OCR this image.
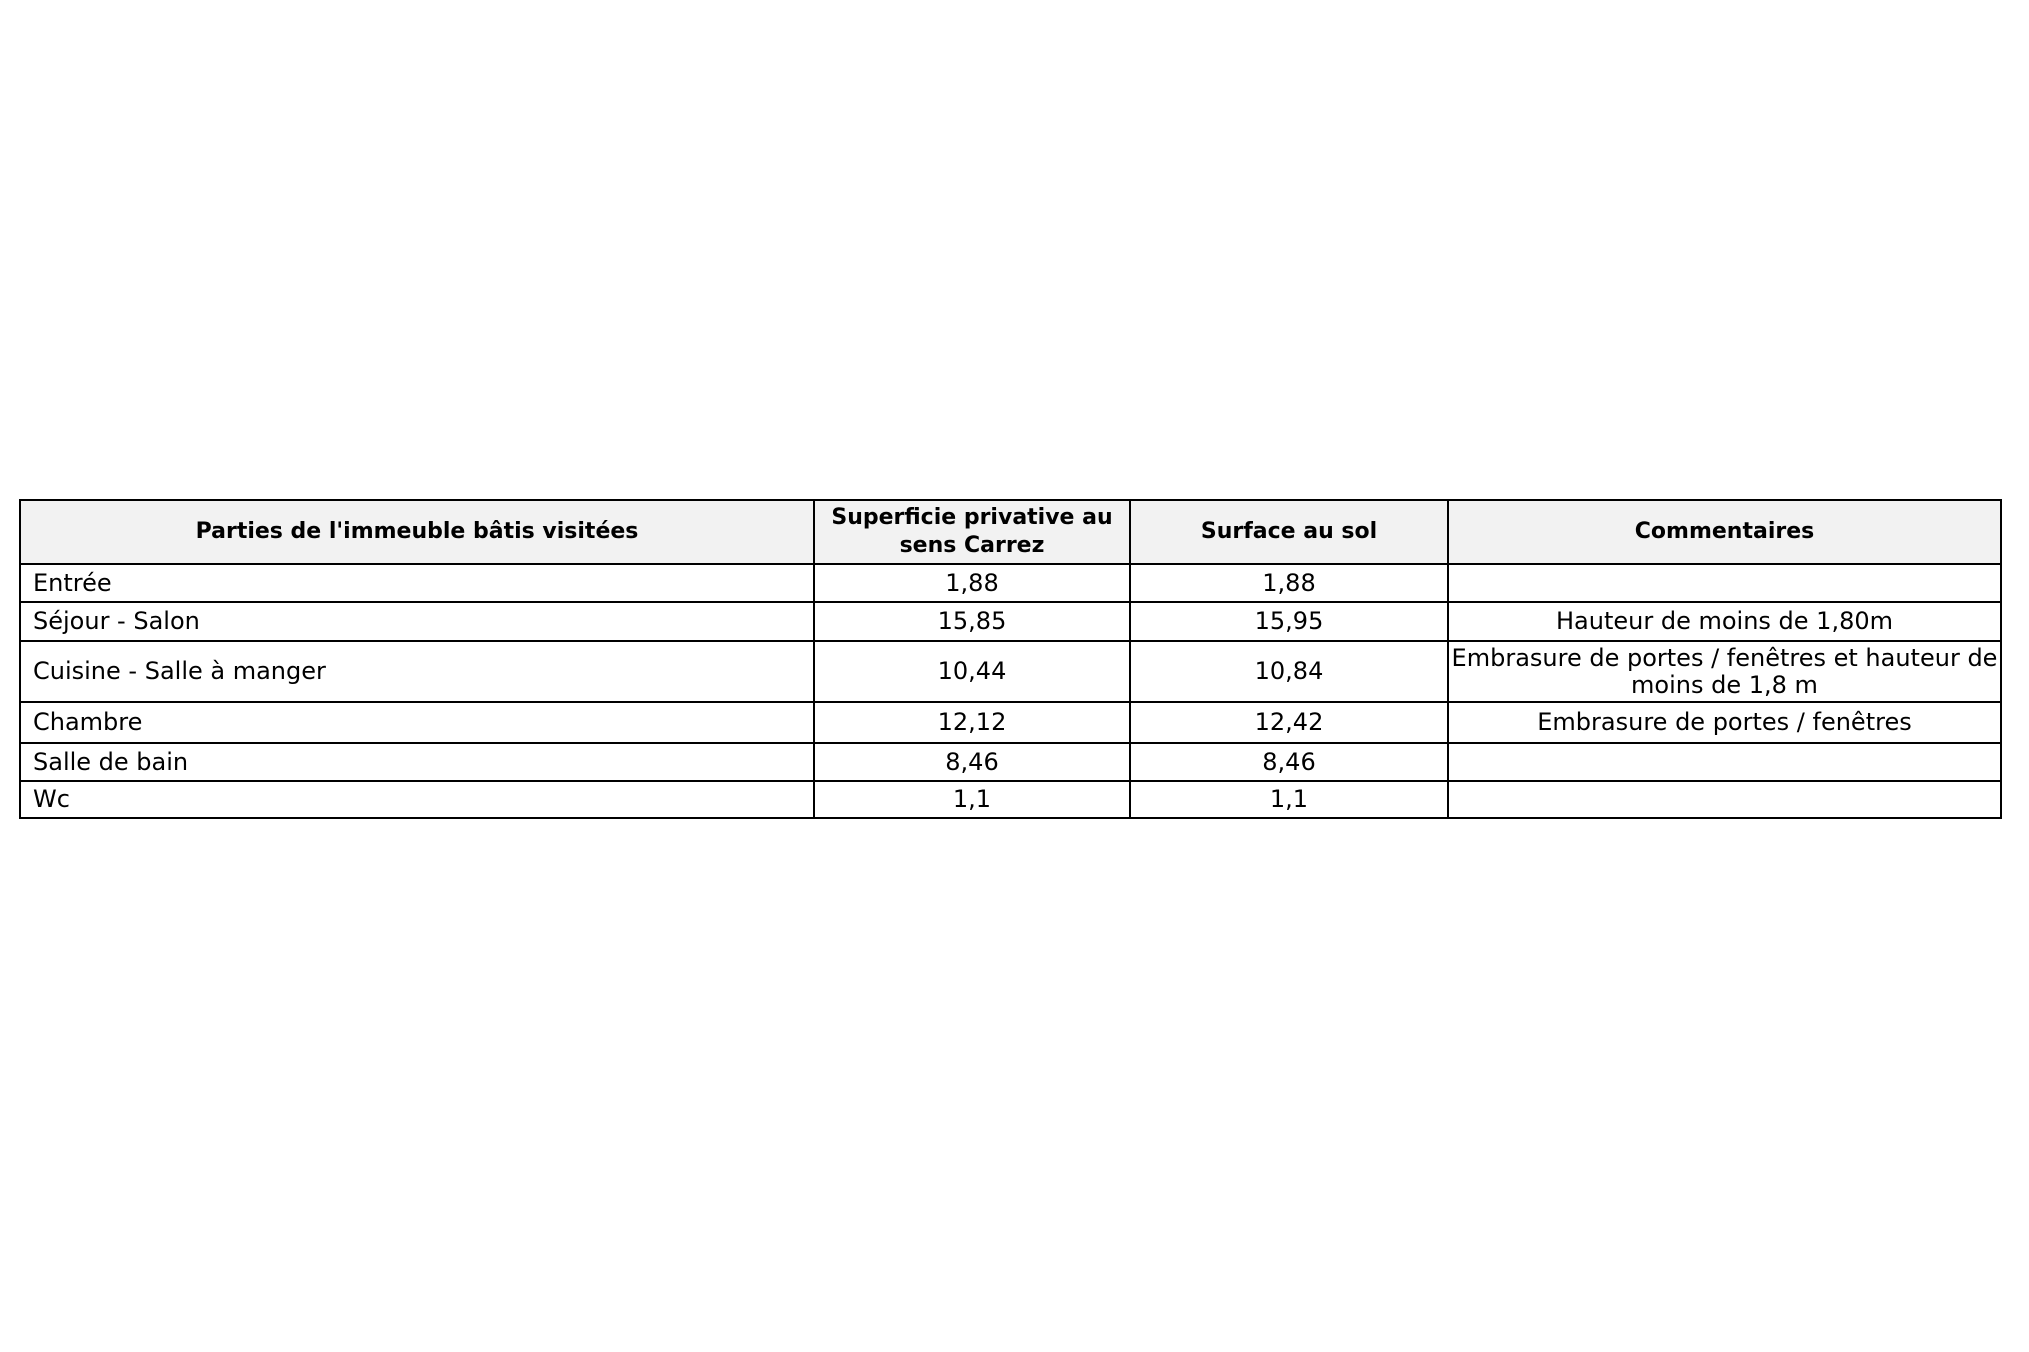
Parties de l'immeuble bâtis visitées	Superficie privative au sens Carrez	Surface au sol	Commentaires
Entrée	1,88	1,88	
Séjour - Salon	15,85	15,95	Hauteur de moins de 1,80m
Cuisine - Salle à manger	10,44	10,84	Embrasure de portes / fenêtres et hauteur de moins de 1,8 m
Chambre	12,12	12,42	Embrasure de portes / fenêtres
Salle de bain	8,46	8,46	
Wc	1,1	1,1	
